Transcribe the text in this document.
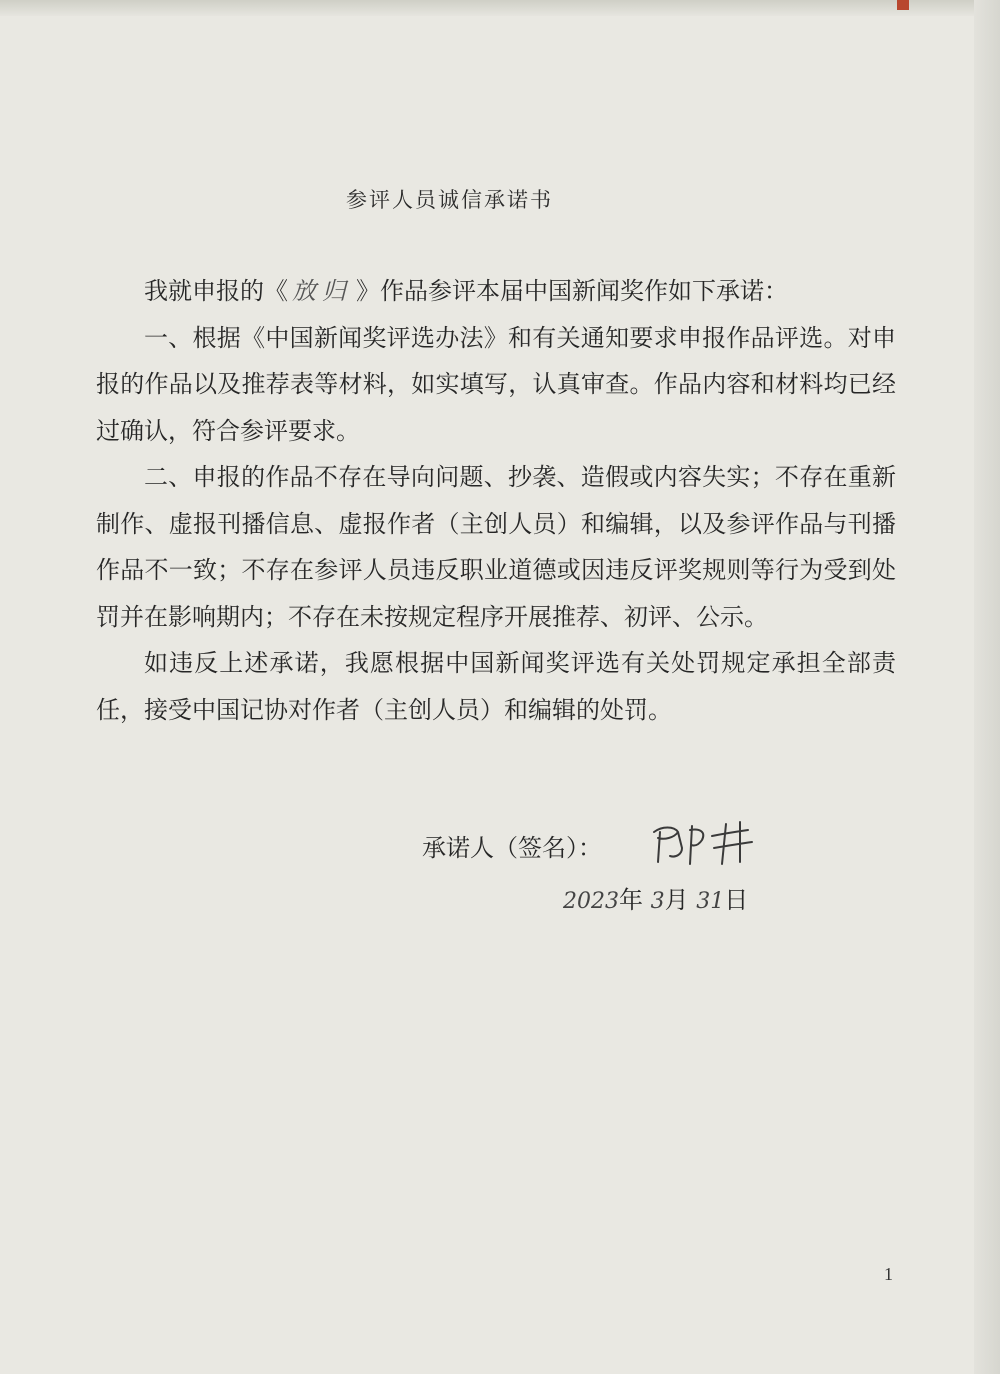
参评人员诚信承诺书

我就申报的《 放归 》作品参评本届中国新闻奖作如下承诺：

一、根据《中国新闻奖评选办法》和有关通知要求申报作品评选。对申报的作品以及推荐表等材料，如实填写，认真审查。作品内容和材料均已经过确认，符合参评要求。

二、申报的作品不存在导向问题、抄袭、造假或内容失实；不存在重新制作、虚报刊播信息、虚报作者（主创人员）和编辑，以及参评作品与刊播作品不一致；不存在参评人员违反职业道德或因违反评奖规则等行为受到处罚并在影响期内；不存在未按规定程序开展推荐、初评、公示。

如违反上述承诺，我愿根据中国新闻奖评选有关处罚规定承担全部责任，接受中国记协对作者（主创人员）和编辑的处罚。

承诺人（签名）：
2023年 3月 31日
1
